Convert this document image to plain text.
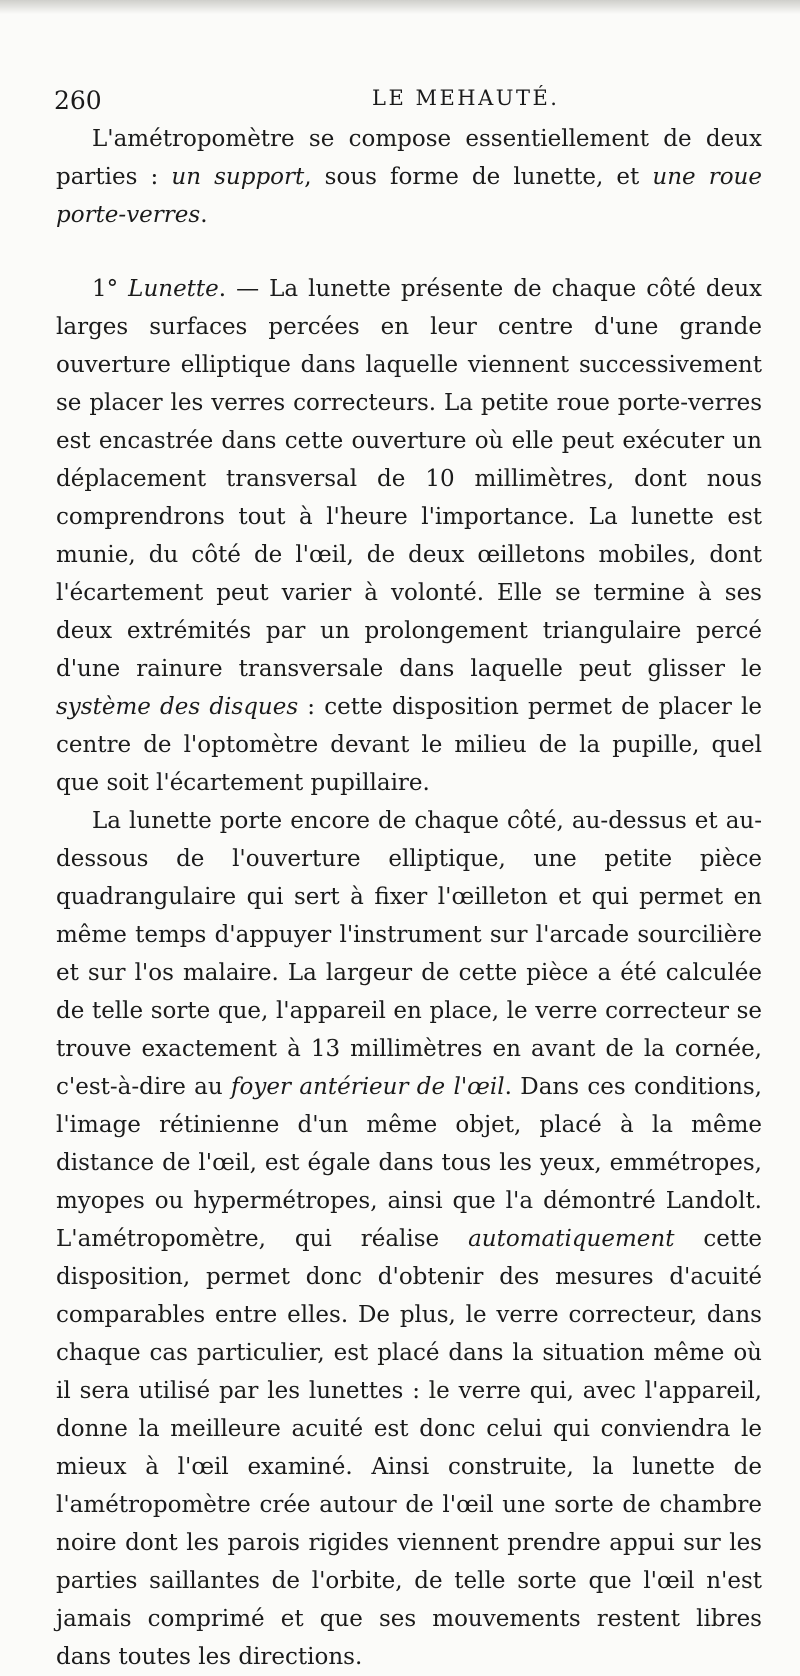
260	LE MEHAUTÉ.

L'amétropomètre se compose essentiellement de deux parties : un support, sous forme de lunette, et une roue porte-verres.

1° Lunette. — La lunette présente de chaque côté deux larges surfaces percées en leur centre d'une grande ouverture elliptique dans laquelle viennent successivement se placer les verres correcteurs. La petite roue porte-verres est encastrée dans cette ouverture où elle peut exécuter un déplacement transversal de 10 millimètres, dont nous comprendrons tout à l'heure l'importance. La lunette est munie, du côté de l'œil, de deux œilletons mobiles, dont l'écartement peut varier à volonté. Elle se termine à ses deux extrémités par un prolongement triangulaire percé d'une rainure transversale dans laquelle peut glisser le système des disques : cette disposition permet de placer le centre de l'optomètre devant le milieu de la pupille, quel que soit l'écartement pupillaire.

La lunette porte encore de chaque côté, au-dessus et au-dessous de l'ouverture elliptique, une petite pièce quadrangulaire qui sert à fixer l'œilleton et qui permet en même temps d'appuyer l'instrument sur l'arcade sourcilière et sur l'os malaire. La largeur de cette pièce a été calculée de telle sorte que, l'appareil en place, le verre correcteur se trouve exactement à 13 millimètres en avant de la cornée, c'est-à-dire au foyer antérieur de l'œil. Dans ces conditions, l'image rétinienne d'un même objet, placé à la même distance de l'œil, est égale dans tous les yeux, emmétropes, myopes ou hypermétropes, ainsi que l'a démontré Landolt. L'amétropomètre, qui réalise automatiquement cette disposition, permet donc d'obtenir des mesures d'acuité comparables entre elles. De plus, le verre correcteur, dans chaque cas particulier, est placé dans la situation même où il sera utilisé par les lunettes : le verre qui, avec l'appareil, donne la meilleure acuité est donc celui qui conviendra le mieux à l'œil examiné. Ainsi construite, la lunette de l'amétropomètre crée autour de l'œil une sorte de chambre noire dont les parois rigides viennent prendre appui sur les parties saillantes de l'orbite, de telle sorte que l'œil n'est jamais comprimé et que ses mouvements restent libres dans toutes les directions.
